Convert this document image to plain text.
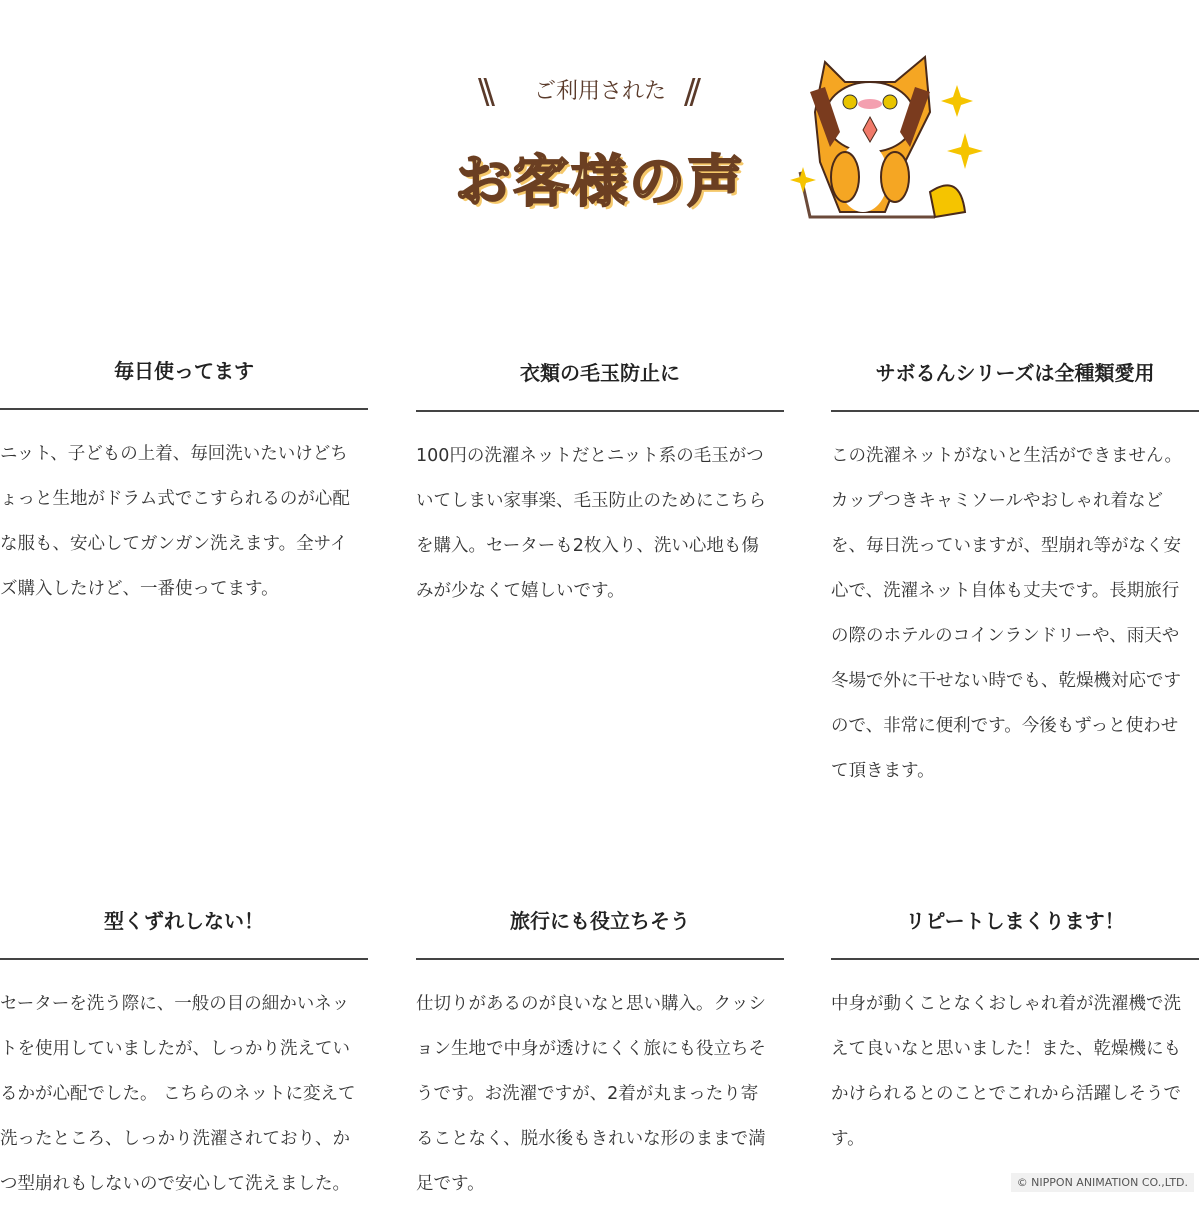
\\	ご利用された //
お客様の声
毎日使ってます
ニット、子どもの上着、毎回洗いたいけどち
ょっと生地がドラム式でこすられるのが心配
な服も、安心してガンガン洗えます。全サイ
ズ購入したけど、一番使ってます。
衣類の毛玉防止に
100円の洗濯ネットだとニット系の毛玉がつ
いてしまい家事楽、毛玉防止のためにこちら
を購入。セーターも2枚入り、洗い心地も傷
みが少なくて嬉しいです。
サボるんシリーズは全種類愛用
この洗濯ネットがないと生活ができません。
カップつきキャミソールやおしゃれ着など
を、毎日洗っていますが、型崩れ等がなく安
心で、洗濯ネット自体も丈夫です。長期旅行
の際のホテルのコインランドリーや、雨天や
冬場で外に干せない時でも、乾燥機対応です
ので、非常に便利です。今後もずっと使わせ
て頂きます。
型くずれしない！
セーターを洗う際に、一般の目の細かいネッ
トを使用していましたが、しっかり洗えてい
るかが心配でした。 こちらのネットに変えて
洗ったところ、しっかり洗濯されており、か
つ型崩れもしないので安心して洗えました。
旅行にも役立ちそう
仕切りがあるのが良いなと思い購入。クッシ
ョン生地で中身が透けにくく旅にも役立ちそ
うです。お洗濯ですが、2着が丸まったり寄
ることなく、脱水後もきれいな形のままで満
足です。
リピートしまくります！
中身が動くことなくおしゃれ着が洗濯機で洗
えて良いなと思いました！また、乾燥機にも
かけられるとのことでこれから活躍しそうで
す。
© NIPPON ANIMATION CO.,LTD.
